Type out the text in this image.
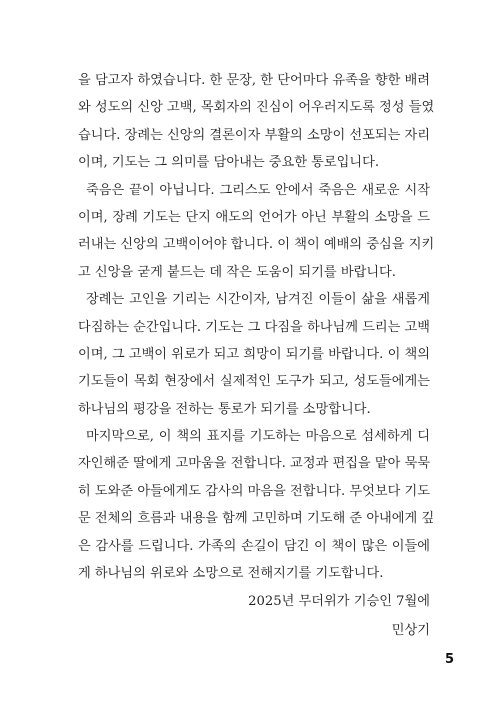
을 담고자 하였습니다. 한 문장, 한 단어마다 유족을 향한 배려
와 성도의 신앙 고백, 목회자의 진심이 어우러지도록 정성 들였
습니다. 장례는 신앙의 결론이자 부활의 소망이 선포되는 자리
이며, 기도는 그 의미를 담아내는 중요한 통로입니다.
죽음은 끝이 아닙니다. 그리스도 안에서 죽음은 새로운 시작
이며, 장례 기도는 단지 애도의 언어가 아닌 부활의 소망을 드
러내는 신앙의 고백이어야 합니다. 이 책이 예배의 중심을 지키
고 신앙을 굳게 붙드는 데 작은 도움이 되기를 바랍니다.
장례는 고인을 기리는 시간이자, 남겨진 이들이 삶을 새롭게
다짐하는 순간입니다. 기도는 그 다짐을 하나님께 드리는 고백
이며, 그 고백이 위로가 되고 희망이 되기를 바랍니다. 이 책의
기도들이 목회 현장에서 실제적인 도구가 되고, 성도들에게는
하나님의 평강을 전하는 통로가 되기를 소망합니다.
마지막으로, 이 책의 표지를 기도하는 마음으로 섬세하게 디
자인해준 딸에게 고마움을 전합니다. 교정과 편집을 맡아 묵묵
히 도와준 아들에게도 감사의 마음을 전합니다. 무엇보다 기도
문 전체의 흐름과 내용을 함께 고민하며 기도해 준 아내에게 깊
은 감사를 드립니다. 가족의 손길이 담긴 이 책이 많은 이들에
게 하나님의 위로와 소망으로 전해지기를 기도합니다.
2025년 무더위가 기승인 7월에
민상기
5
